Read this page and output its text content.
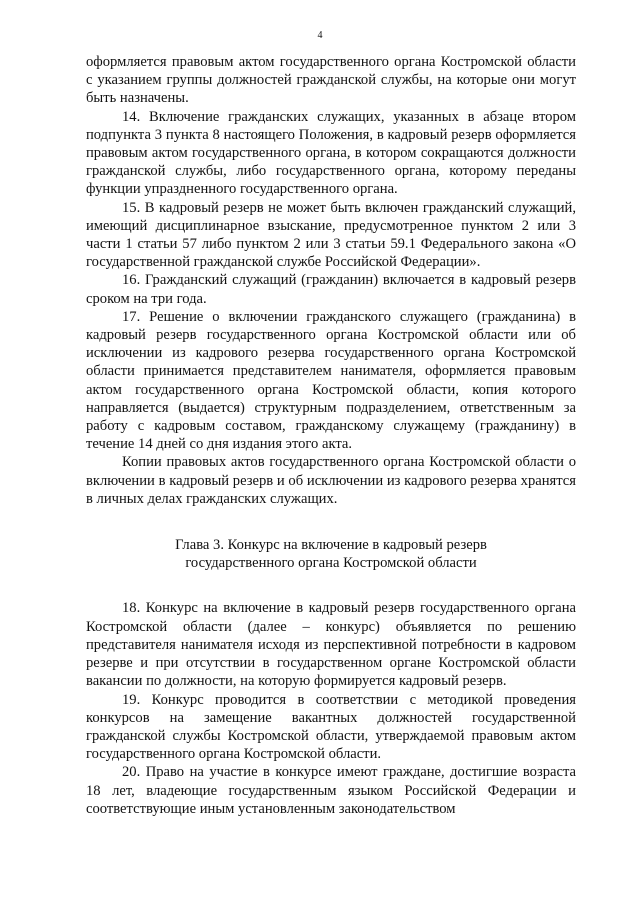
4

оформляется правовым актом государственного органа Костромской области с указанием группы должностей гражданской службы, на которые они могут быть назначены.

14. Включение гражданских служащих, указанных в абзаце втором подпункта 3 пункта 8 настоящего Положения, в кадровый резерв оформляется правовым актом государственного органа, в котором сокращаются должности гражданской службы, либо государственного органа, которому переданы функции упраздненного государственного органа.

15. В кадровый резерв не может быть включен гражданский служащий, имеющий дисциплинарное взыскание, предусмотренное пунктом 2 или 3 части 1 статьи 57 либо пунктом 2 или 3 статьи 59.1 Федерального закона «О государственной гражданской службе Российской Федерации».

16. Гражданский служащий (гражданин) включается в кадровый резерв сроком на три года.

17. Решение о включении гражданского служащего (гражданина) в кадровый резерв государственного органа Костромской области или об исключении из кадрового резерва государственного органа Костромской области принимается представителем нанимателя, оформляется правовым актом государственного органа Костромской области, копия которого направляется (выдается) структурным подразделением, ответственным за работу с кадровым составом, гражданскому служащему (гражданину) в течение 14 дней со дня издания этого акта.

Копии правовых актов государственного органа Костромской области о включении в кадровый резерв и об исключении из кадрового резерва хранятся в личных делах гражданских служащих.

Глава 3. Конкурс на включение в кадровый резерв

государственного органа Костромской области

18. Конкурс на включение в кадровый резерв государственного органа Костромской области (далее – конкурс) объявляется по решению представителя нанимателя исходя из перспективной потребности в кадровом резерве и при отсутствии в государственном органе Костромской области вакансии по должности, на которую формируется кадровый резерв.

19. Конкурс проводится в соответствии с методикой проведения конкурсов на замещение вакантных должностей государственной гражданской службы Костромской области, утверждаемой правовым актом государственного органа Костромской области.

20. Право на участие в конкурсе имеют граждане, достигшие возраста 18 лет, владеющие государственным языком Российской Федерации и соответствующие иным установленным законодательством
